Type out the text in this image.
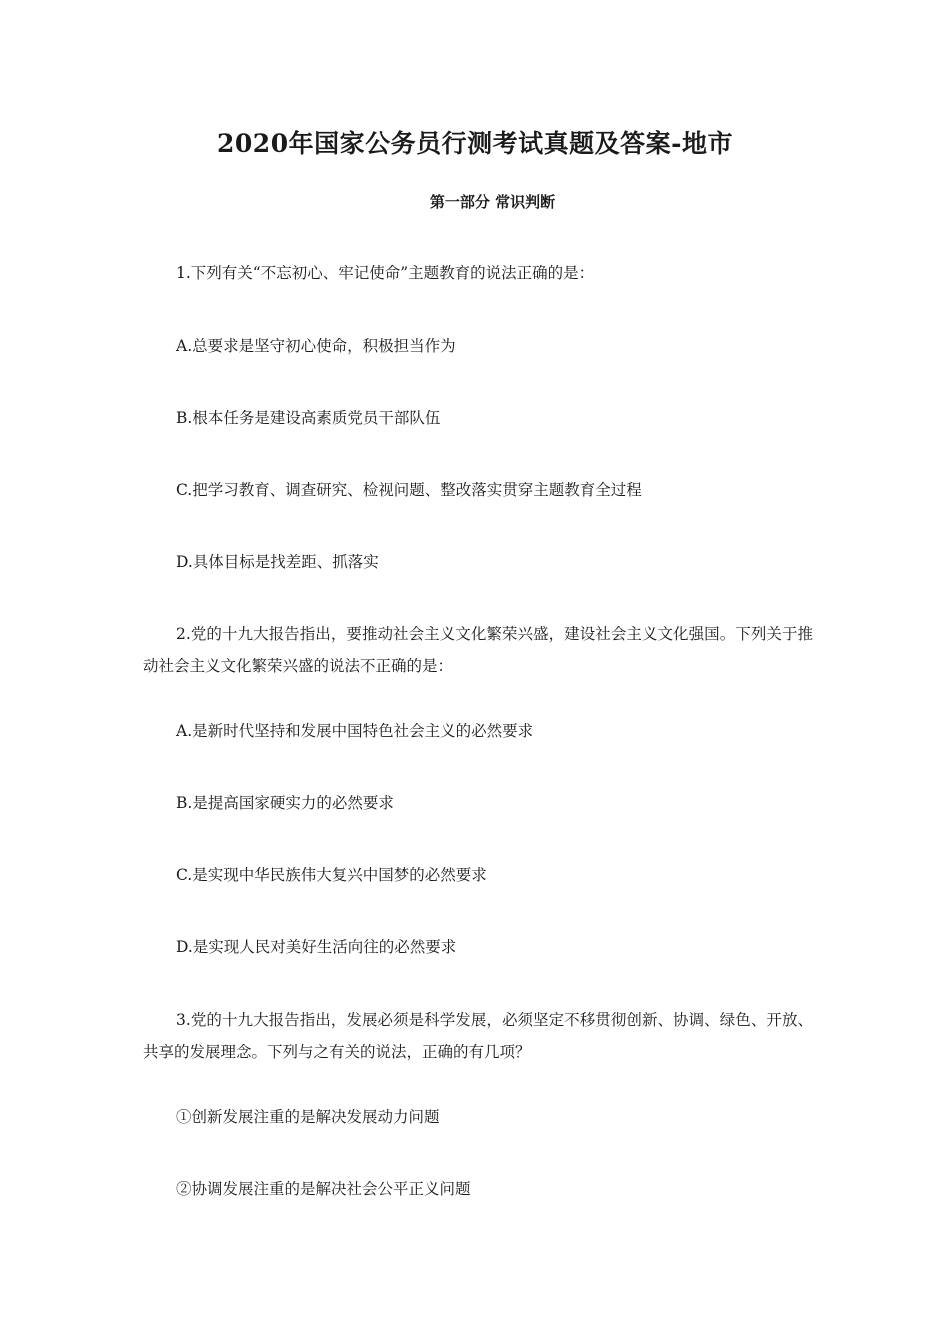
2020年国家公务员行测考试真题及答案-地市
第一部分 常识判断
1.下列有关“不忘初心、牢记使命”主题教育的说法正确的是：
A.总要求是坚守初心使命，积极担当作为
B.根本任务是建设高素质党员干部队伍
C.把学习教育、调查研究、检视问题、整改落实贯穿主题教育全过程
D.具体目标是找差距、抓落实
2.党的十九大报告指出，要推动社会主义文化繁荣兴盛，建设社会主义文化强国。下列关于推动社会主义文化繁荣兴盛的说法不正确的是：
A.是新时代坚持和发展中国特色社会主义的必然要求
B.是提高国家硬实力的必然要求
C.是实现中华民族伟大复兴中国梦的必然要求
D.是实现人民对美好生活向往的必然要求
3.党的十九大报告指出，发展必须是科学发展，必须坚定不移贯彻创新、协调、绿色、开放、共享的发展理念。下列与之有关的说法，正确的有几项？
①创新发展注重的是解决发展动力问题
②协调发展注重的是解决社会公平正义问题
